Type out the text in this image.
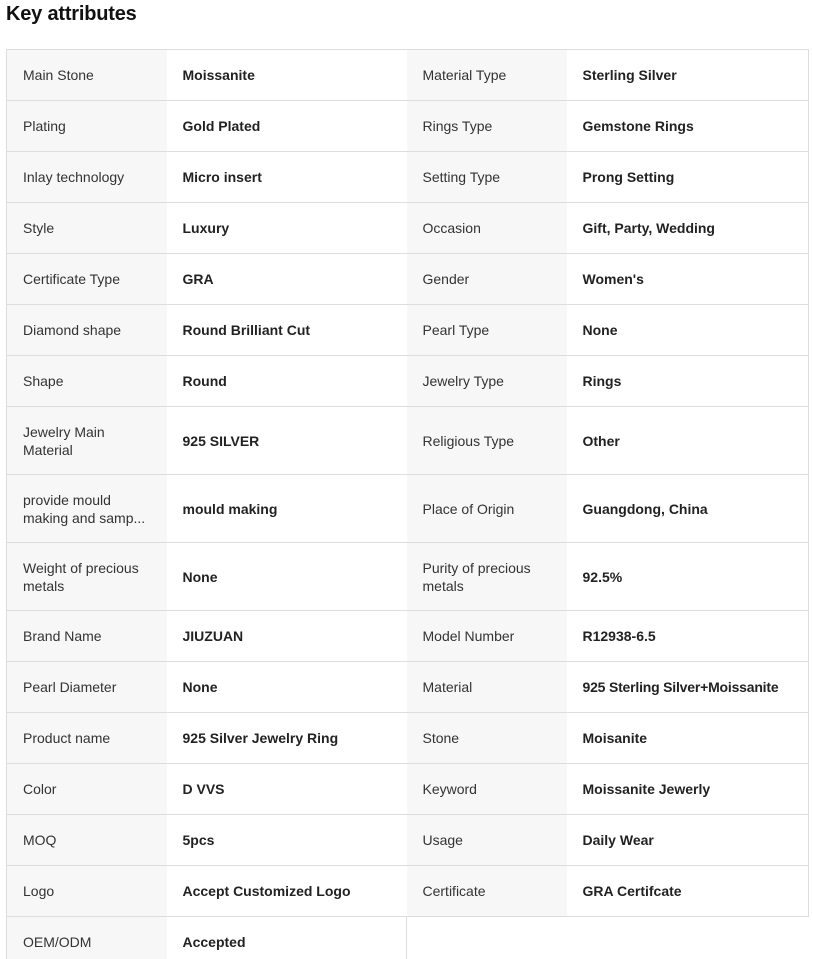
Key attributes
Main Stone	Moissanite	Material Type	Sterling Silver
Plating	Gold Plated	Rings Type	Gemstone Rings
Inlay technology	Micro insert	Setting Type	Prong Setting
Style	Luxury	Occasion	Gift, Party, Wedding
Certificate Type	GRA	Gender	Women's
Diamond shape	Round Brilliant Cut	Pearl Type	None
Shape	Round	Jewelry Type	Rings

Jewelry Main Material	925 SILVER	Religious Type	Other

provide mould making and samp...	mould making	Place of Origin	Guangdong, China

Weight of precious metals	None	Purity of precious metals	92.5%
Brand Name	JIUZUAN	Model Number	R12938-6.5
Pearl Diameter	None	Material	925 Sterling Silver+Moissanite
Product name	925 Silver Jewelry Ring	Stone	Moisanite
Color	D VVS	Keyword	Moissanite Jewerly
MOQ	5pcs	Usage	Daily Wear
Logo	Accept Customized Logo	Certificate	GRA Certifcate
OEM/ODM	Accepted		
